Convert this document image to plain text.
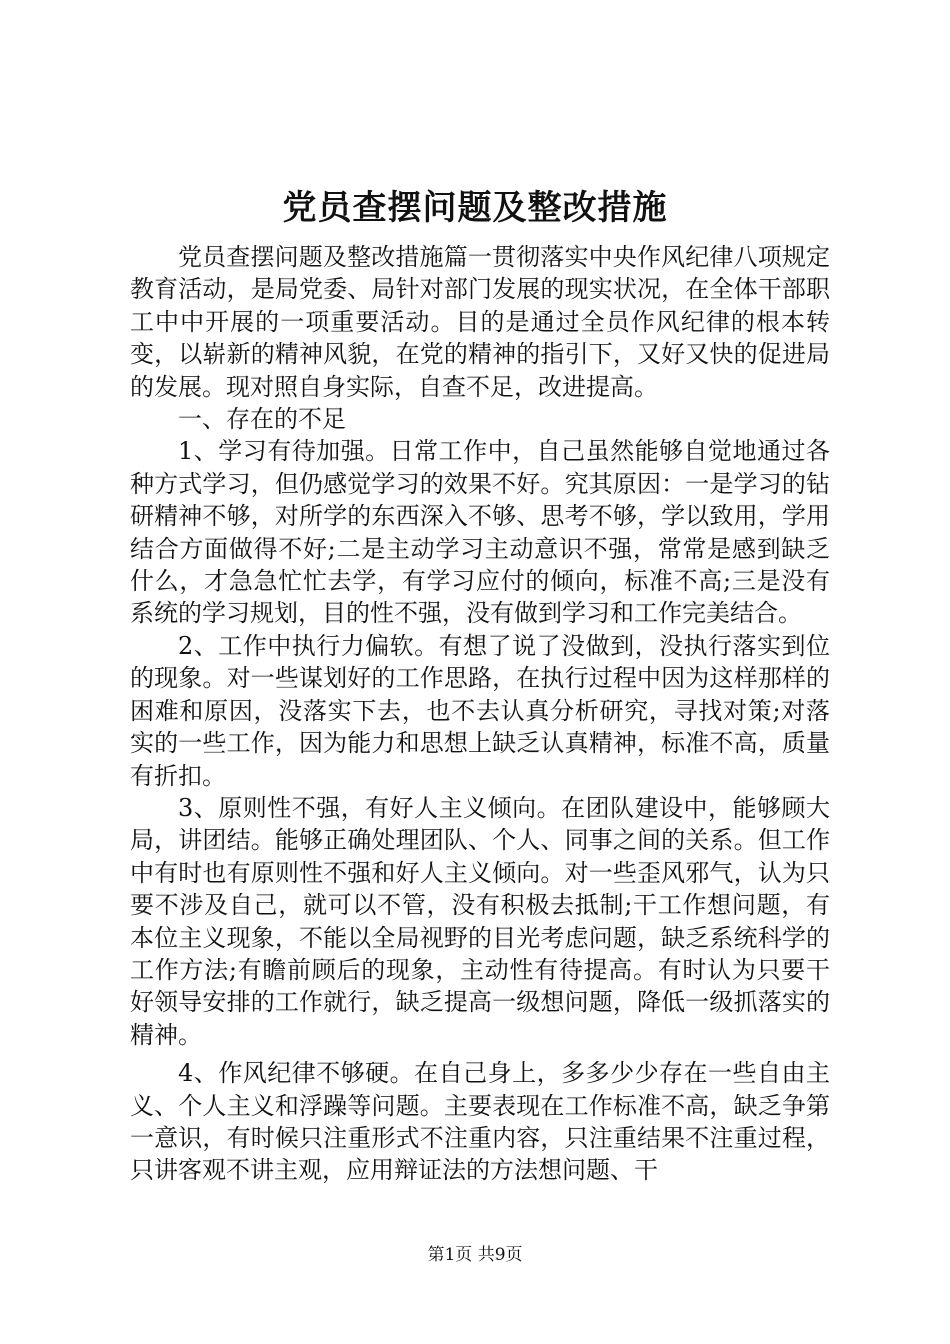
党员查摆问题及整改措施

党员查摆问题及整改措施篇一贯彻落实中央作风纪律八项规定教育活动，是局党委、局针对部门发展的现实状况，在全体干部职工中中开展的一项重要活动。目的是通过全员作风纪律的根本转变，以崭新的精神风貌，在党的精神的指引下，又好又快的促进局的发展。现对照自身实际，自查不足，改进提高。

一、存在的不足

1、学习有待加强。日常工作中，自己虽然能够自觉地通过各种方式学习，但仍感觉学习的效果不好。究其原因：一是学习的钻研精神不够，对所学的东西深入不够、思考不够，学以致用，学用结合方面做得不好;二是主动学习主动意识不强，常常是感到缺乏什么，才急急忙忙去学，有学习应付的倾向，标准不高;三是没有系统的学习规划，目的性不强，没有做到学习和工作完美结合。

2、工作中执行力偏软。有想了说了没做到，没执行落实到位的现象。对一些谋划好的工作思路，在执行过程中因为这样那样的困难和原因，没落实下去，也不去认真分析研究，寻找对策;对落实的一些工作，因为能力和思想上缺乏认真精神，标准不高，质量有折扣。

3、原则性不强，有好人主义倾向。在团队建设中，能够顾大局，讲团结。能够正确处理团队、个人、同事之间的关系。但工作中有时也有原则性不强和好人主义倾向。对一些歪风邪气，认为只要不涉及自己，就可以不管，没有积极去抵制;干工作想问题，有本位主义现象，不能以全局视野的目光考虑问题，缺乏系统科学的工作方法;有瞻前顾后的现象，主动性有待提高。有时认为只要干好领导安排的工作就行，缺乏提高一级想问题，降低一级抓落实的精神。

4、作风纪律不够硬。在自己身上，多多少少存在一些自由主义、个人主义和浮躁等问题。主要表现在工作标准不高，缺乏争第一意识，有时候只注重形式不注重内容，只注重结果不注重过程，只讲客观不讲主观，应用辩证法的方法想问题、干

第1页 共9页
